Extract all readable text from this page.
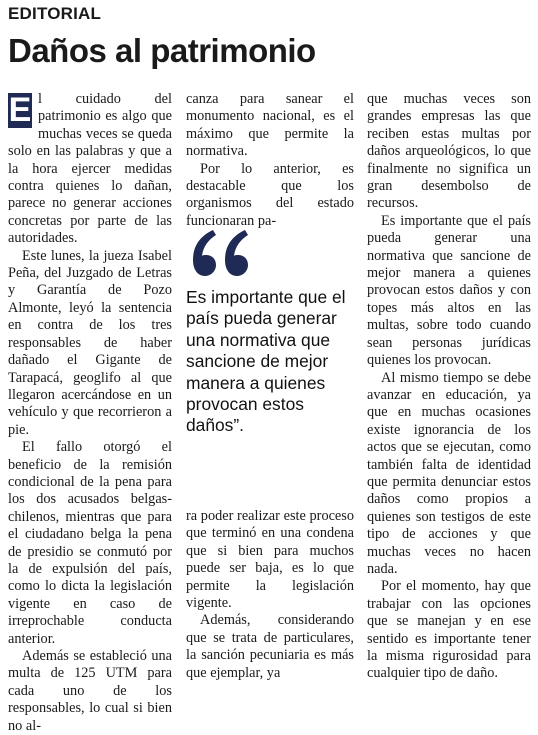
EDITORIAL
Daños al patrimonio

E l cuidado del patrimonio es algo que muchas veces se queda solo en las palabras y que a la hora ejercer medidas contra quienes lo dañan, parece no generar acciones concretas por parte de las autoridades.

Este lunes, la jueza Isabel Peña, del Juzgado de Letras y Garantía de Pozo Almonte, leyó la sentencia en contra de los tres responsables de haber dañado el Gigante de Tarapacá, geoglifo al que llegaron acercándose en un vehículo y que recorrieron a pie.

El fallo otorgó el beneficio de la remisión condicional de la pena para los dos acusados belgas-chilenos, mientras que para el ciudadano belga la pena de presidio se conmutó por la de expulsión del país, como lo dicta la legislación vigente en caso de irreprochable conducta anterior.

Además se estableció una multa de 125 UTM para cada uno de los responsables, lo cual si bien no al-

canza para sanear el monumento nacional, es el máximo que permite la normativa.

Por lo anterior, es destacable que los organismos del estado funcionaran pa-

Es importante que el país pueda generar una normativa que sancione de mejor manera a quienes provocan estos daños”.

ra poder realizar este proceso que terminó en una condena que si bien para muchos puede ser baja, es lo que permite la legislación vigente.

Además, considerando que se trata de particulares, la sanción pecuniaria es más que ejemplar, ya

que muchas veces son grandes empresas las que reciben estas multas por daños arqueológicos, lo que finalmente no significa un gran desembolso de recursos.

Es importante que el país pueda generar una normativa que sancione de mejor manera a quienes provocan estos daños y con topes más altos en las multas, sobre todo cuando sean personas jurídicas quienes los provocan.

Al mismo tiempo se debe avanzar en educación, ya que en muchas ocasiones existe ignorancia de los actos que se ejecutan, como también falta de identidad que permita denunciar estos daños como propios a quienes son testigos de este tipo de acciones y que muchas veces no hacen nada.

Por el momento, hay que trabajar con las opciones que se manejan y en ese sentido es importante tener la misma rigurosidad para cualquier tipo de daño.
